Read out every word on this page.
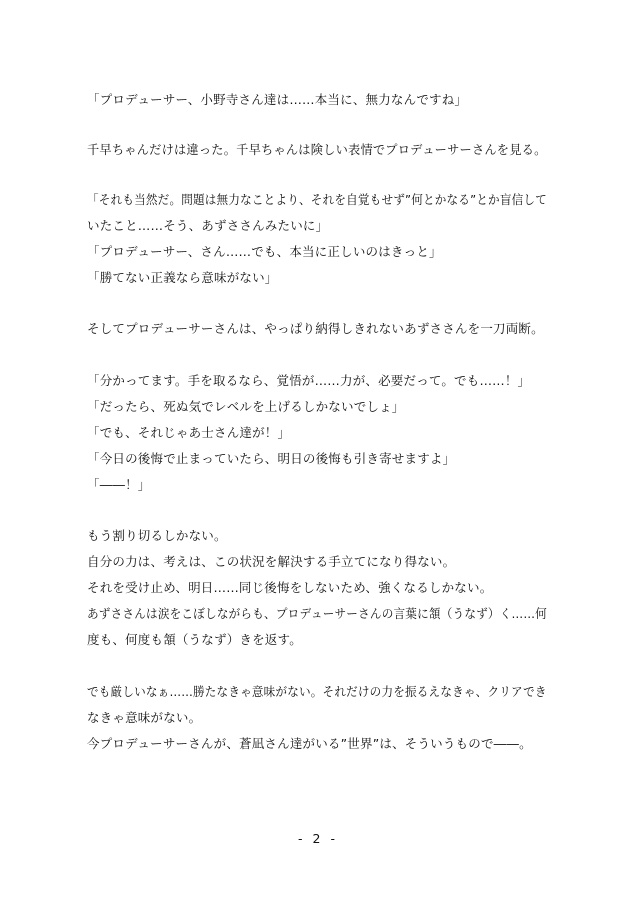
「プロデューサー、小野寺さん達は……本当に、無力なんですね」
千早ちゃんだけは違った。千早ちゃんは険しい表情でプロデューサーさんを見る。
「それも当然だ。問題は無力なことより、それを自覚もせず”何とかなる”とか盲信して
いたこと……そう、あずささんみたいに」
「プロデューサー、さん……でも、本当に正しいのはきっと」
「勝てない正義なら意味がない」
そしてプロデューサーさんは、やっぱり納得しきれないあずささんを一刀両断。
「分かってます。手を取るなら、覚悟が……力が、必要だって。でも……！」
「だったら、死ぬ気でレベルを上げるしかないでしょ」
「でも、それじゃあ士さん達が！」
「今日の後悔で止まっていたら、明日の後悔も引き寄せますよ」
「――！」
もう割り切るしかない。
自分の力は、考えは、この状況を解決する手立てになり得ない。
それを受け止め、明日……同じ後悔をしないため、強くなるしかない。
あずささんは涙をこぼしながらも、プロデューサーさんの言葉に頷（うなず）く……何
度も、何度も頷（うなず）きを返す。
でも厳しいなぁ……勝たなきゃ意味がない。それだけの力を振るえなきゃ、クリアでき
なきゃ意味がない。
今プロデューサーさんが、蒼凪さん達がいる”世界”は、そういうもので――。
- 2 -
